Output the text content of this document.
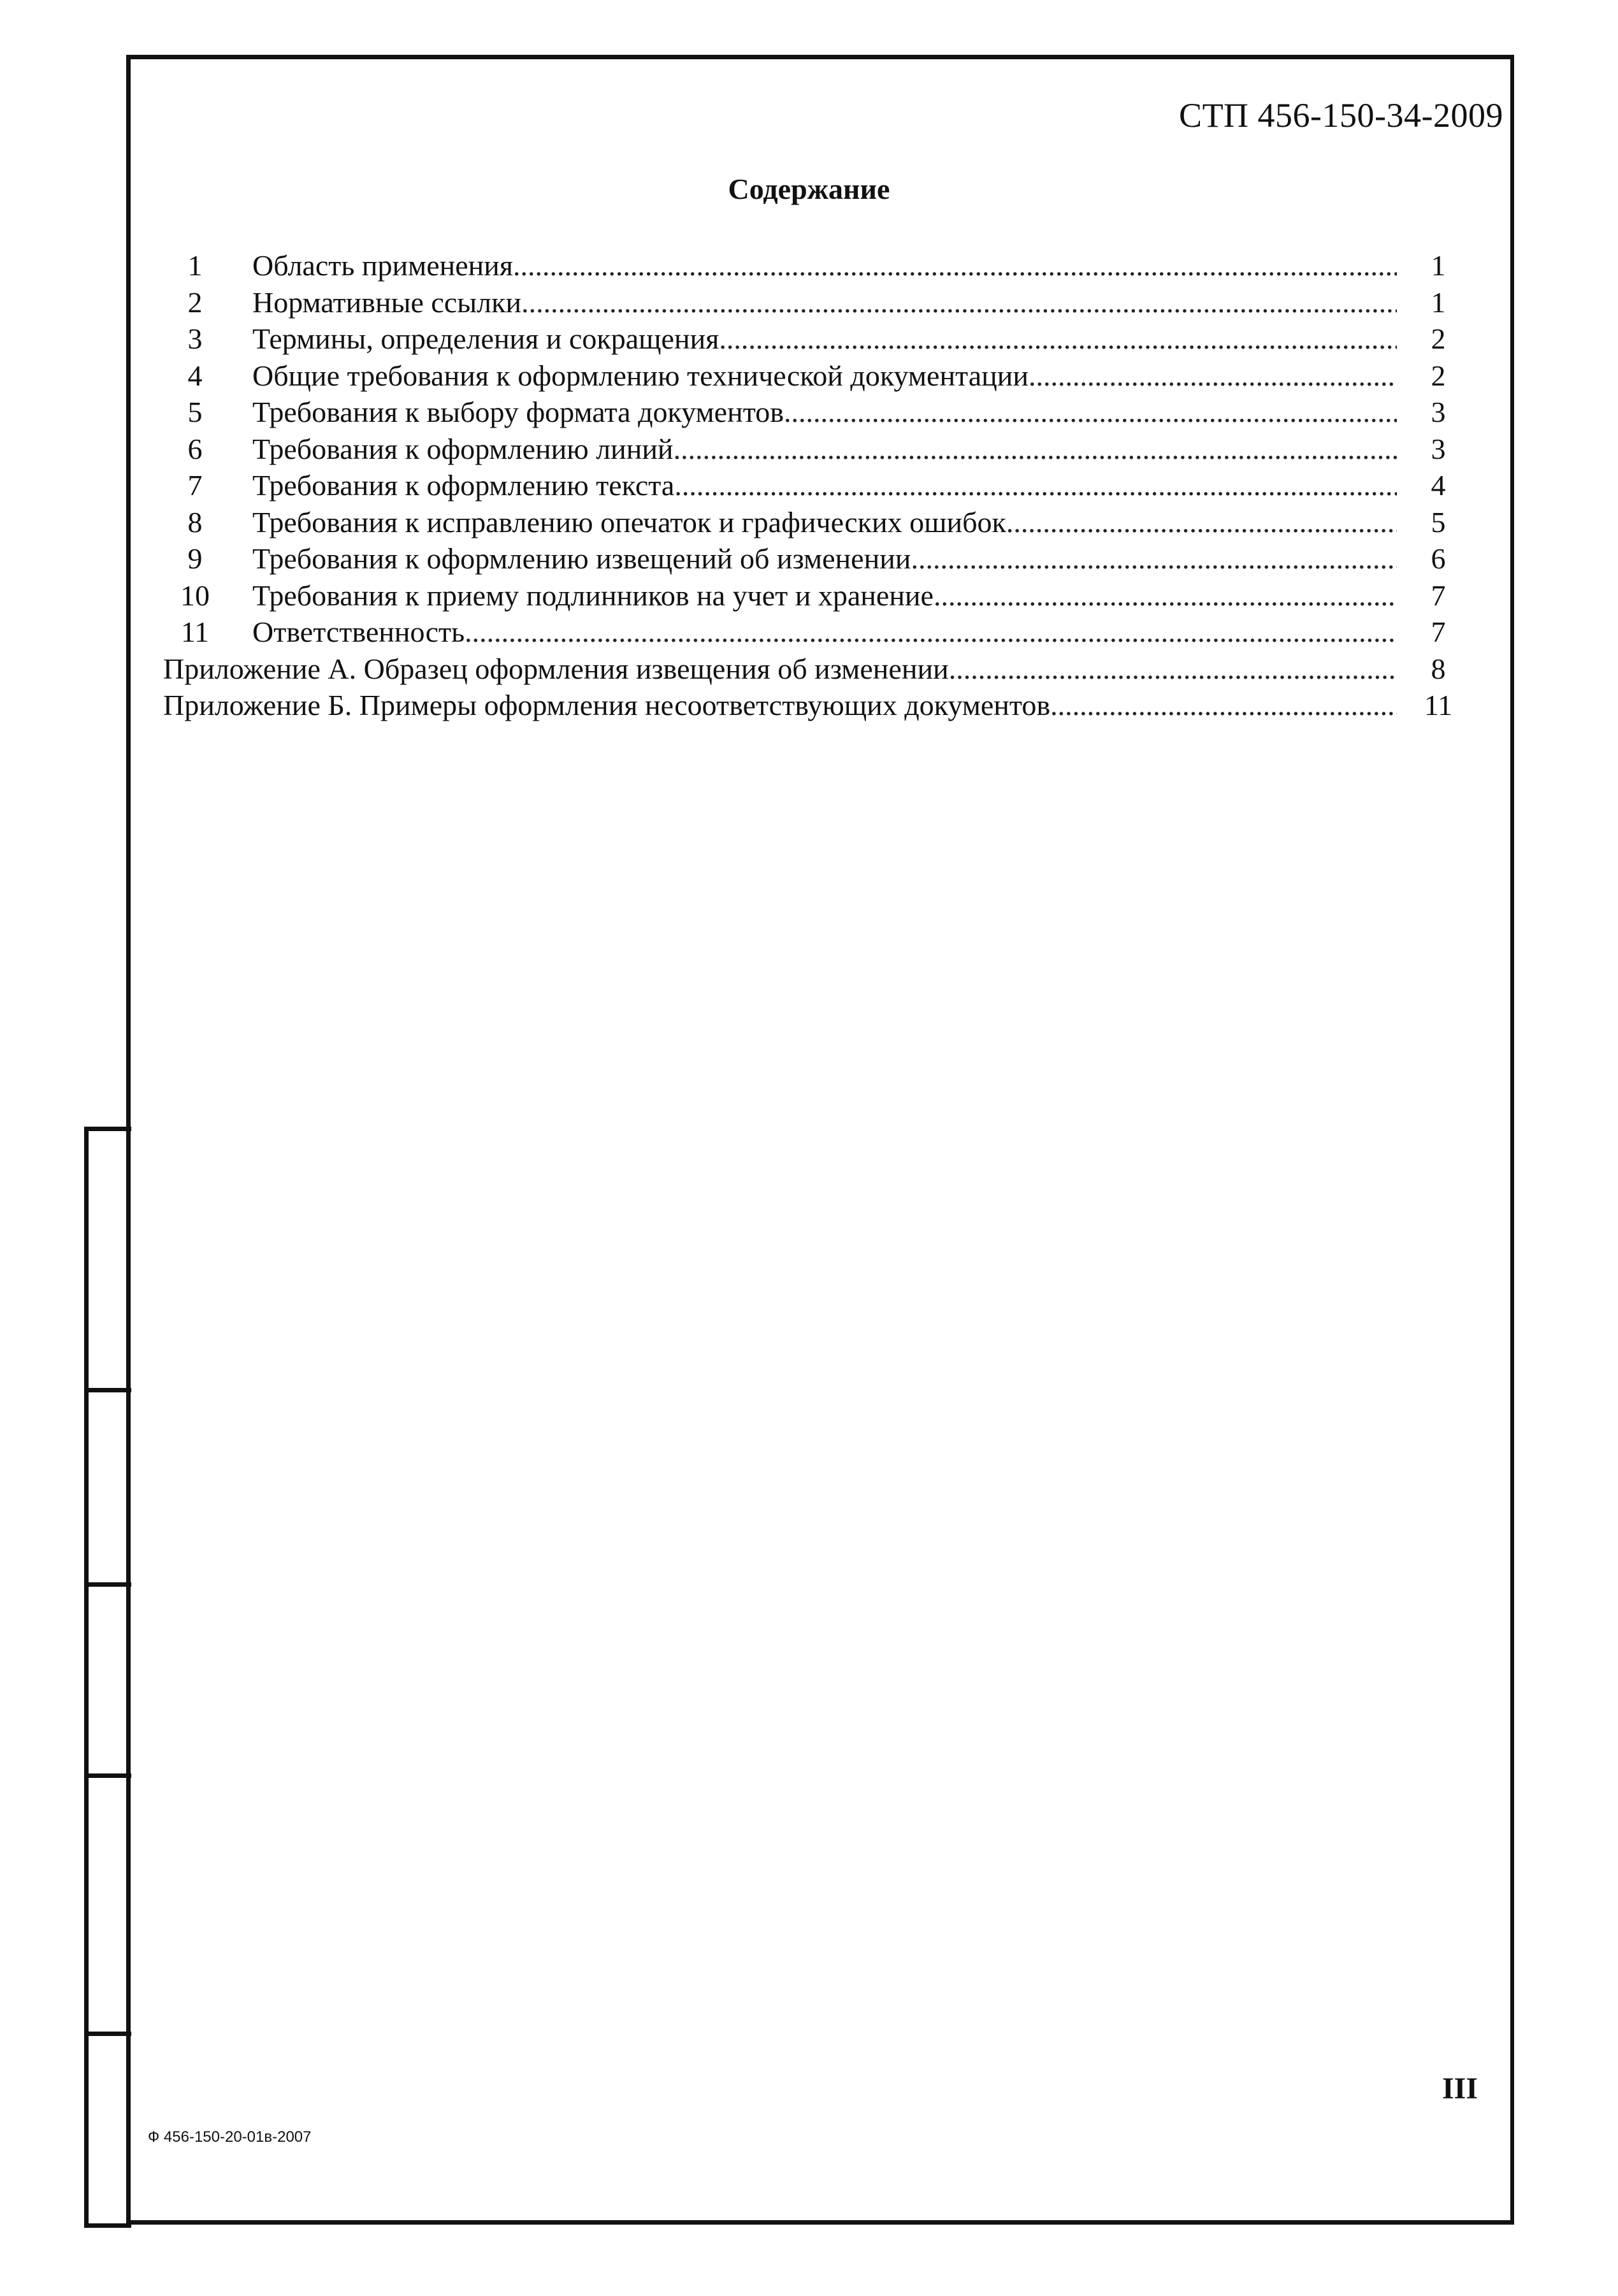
СТП 456-150-34-2009
Содержание
1	Область применения .....	1
2	Нормативные ссылки .....	1
3	Термины, определения и сокращения .....	2
4	Общие требования к оформлению технической документации .....	2
5	Требования к выбору формата документов .....	3
6	Требования к оформлению линий .....	3
7	Требования к оформлению текста .....	4
8	Требования к исправлению опечаток и графических ошибок .....	5
9	Требования к оформлению извещений об изменении .....	6
10	Требования к приему подлинников на учет и хранение .....	7
11	Ответственность .....	7
Приложение А. Образец оформления извещения об изменении .....	8
Приложение Б. Примеры оформления несоответствующих документов .....	11
III
Ф 456-150-20-01в-2007
